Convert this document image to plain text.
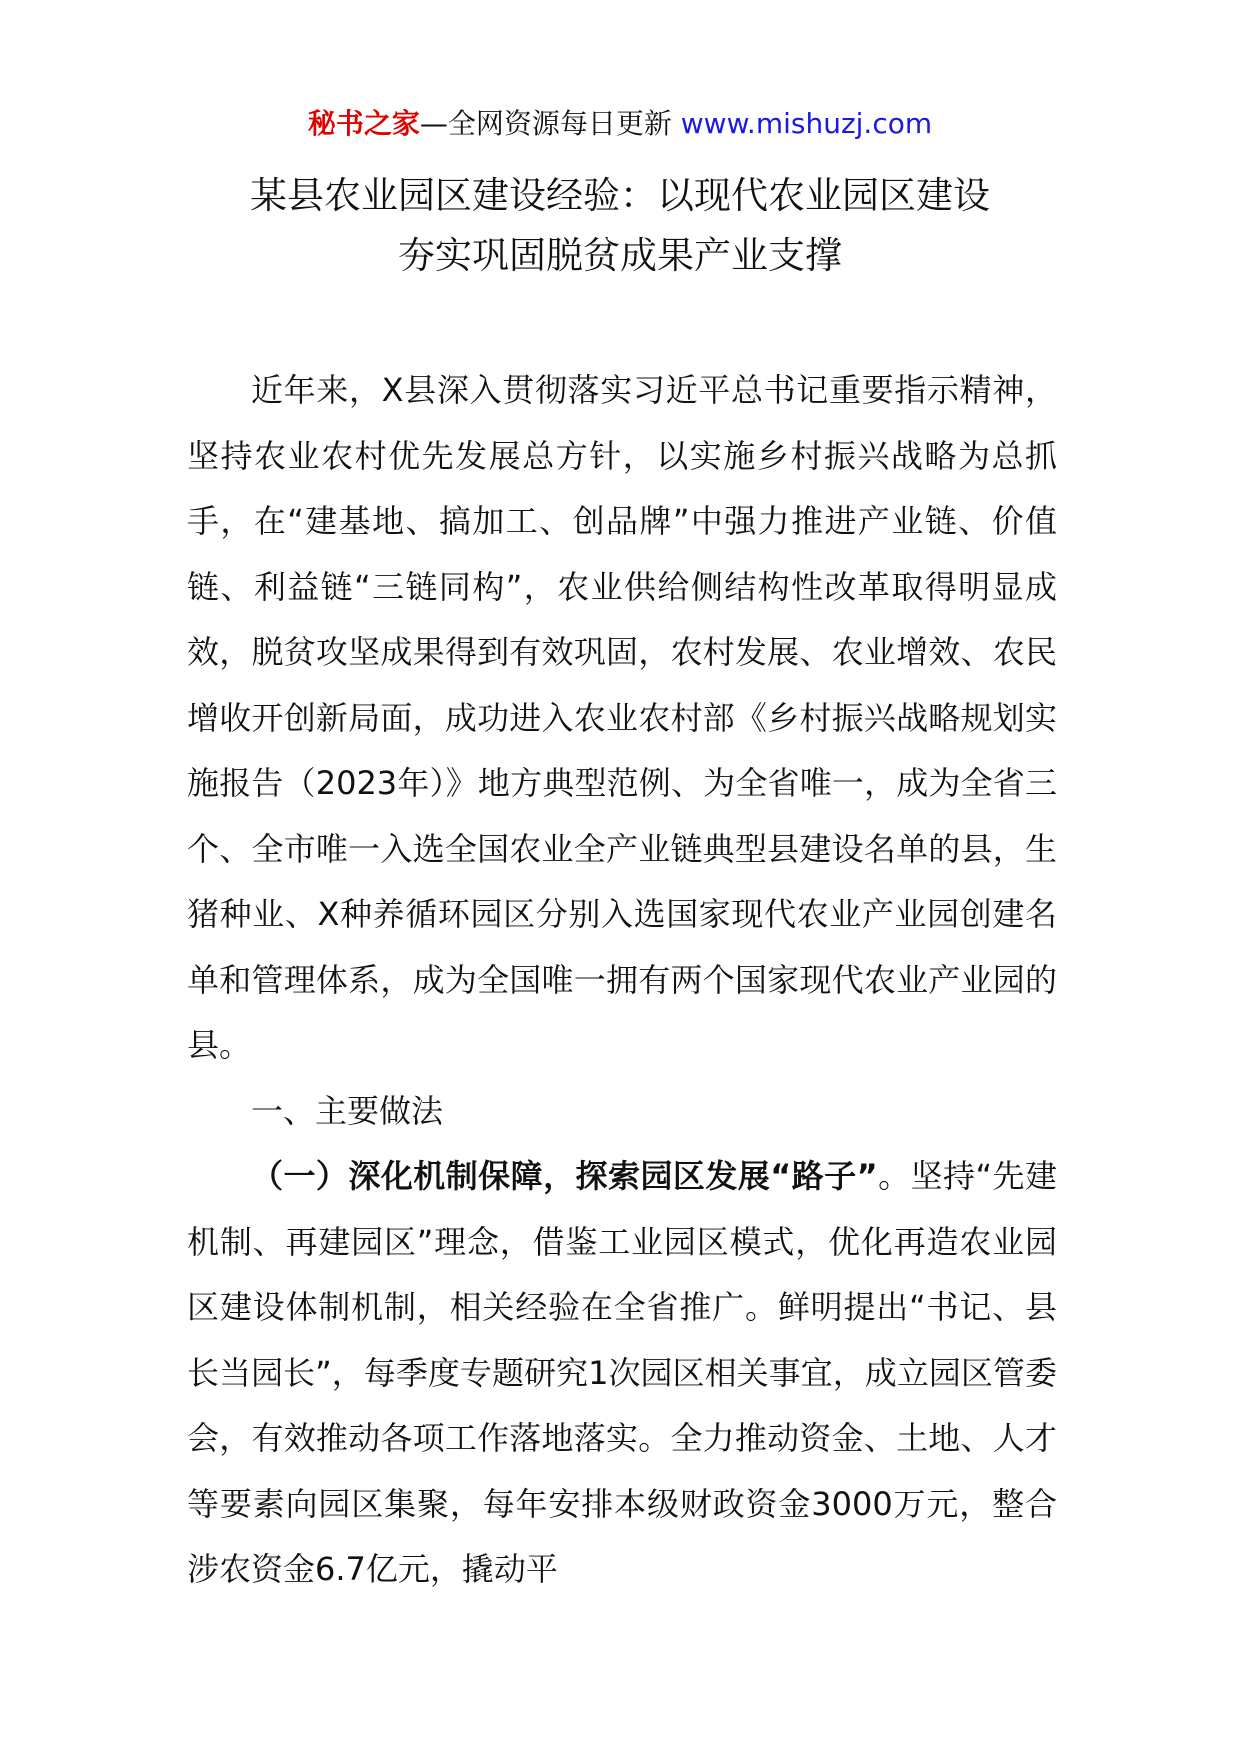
秘书之家—全网资源每日更新 www.mishuzj.com
某县农业园区建设经验：以现代农业园区建设
夯实巩固脱贫成果产业支撑

近年来，X县深入贯彻落实习近平总书记重要指示精神，坚持农业农村优先发展总方针，以实施乡村振兴战略为总抓手，在“建基地、搞加工、创品牌”中强力推进产业链、价值链、利益链“三链同构”，农业供给侧结构性改革取得明显成效，脱贫攻坚成果得到有效巩固，农村发展、农业增效、农民增收开创新局面，成功进入农业农村部《乡村振兴战略规划实施报告（2023年）》地方典型范例、为全省唯一，成为全省三个、全市唯一入选全国农业全产业链典型县建设名单的县，生猪种业、X种养循环园区分别入选国家现代农业产业园创建名单和管理体系，成为全国唯一拥有两个国家现代农业产业园的县。

一、主要做法

（一）深化机制保障，探索园区发展“路子”。坚持“先建机制、再建园区”理念，借鉴工业园区模式，优化再造农业园区建设体制机制，相关经验在全省推广。鲜明提出“书记、县长当园长”，每季度专题研究1次园区相关事宜，成立园区管委会，有效推动各项工作落地落实。全力推动资金、土地、人才等要素向园区集聚，每年安排本级财政资金3000万元，整合涉农资金6.7亿元，撬动平
